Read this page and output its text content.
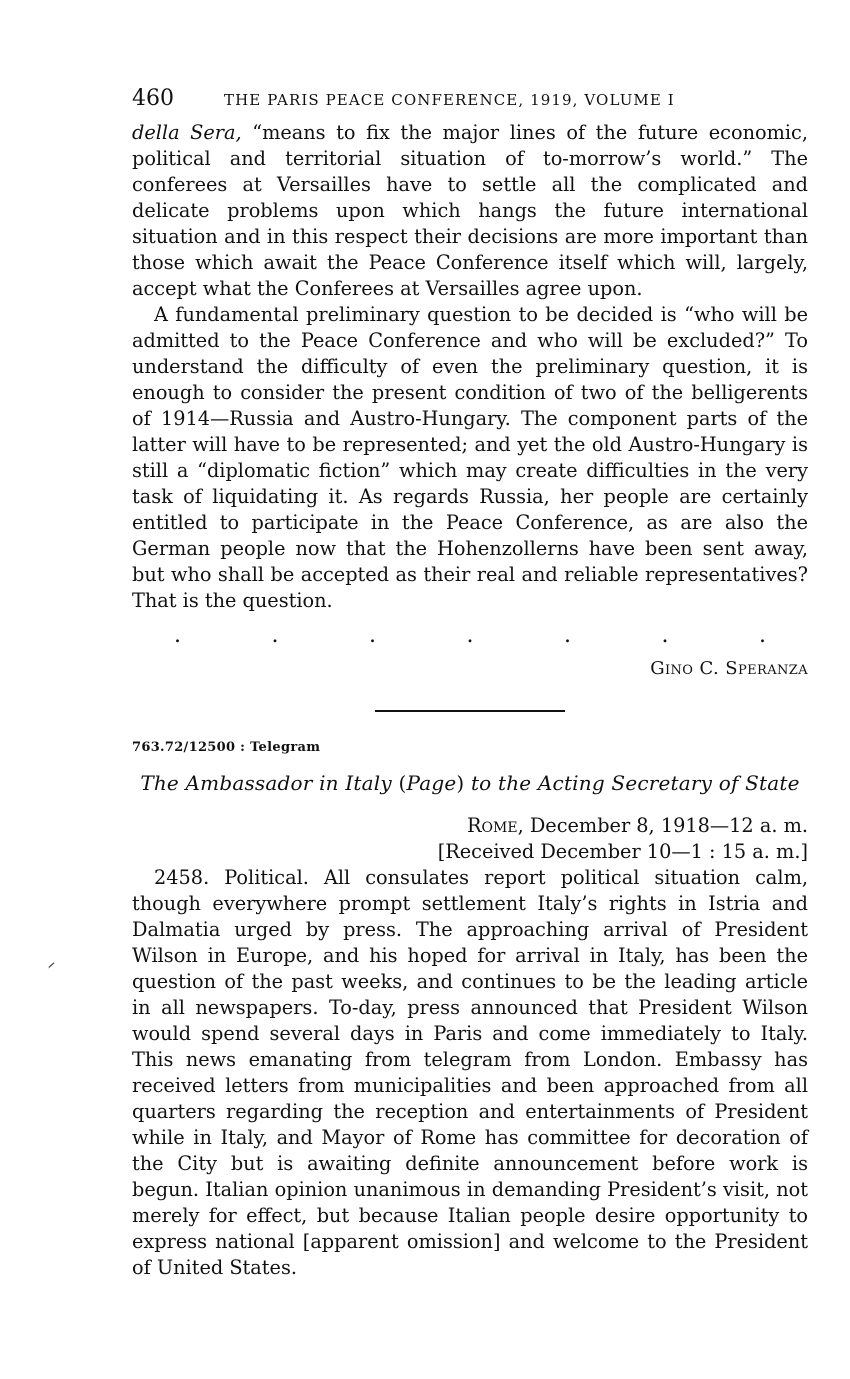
460	THE PARIS PEACE CONFERENCE, 1919, VOLUME I

della Sera, “means to fix the major lines of the future economic, political and territorial situation of to-morrow’s world.” The conferees at Versailles have to settle all the complicated and delicate problems upon which hangs the future international situation and in this respect their decisions are more important than those which await the Peace Conference itself which will, largely, accept what the Conferees at Versailles agree upon.

A fundamental preliminary question to be decided is “who will be admitted to the Peace Conference and who will be excluded?” To understand the difficulty of even the preliminary question, it is enough to consider the present condition of two of the belligerents of 1914—Russia and Austro-Hungary. The component parts of the latter will have to be represented; and yet the old Austro-Hungary is still a “diplomatic fiction” which may create difficulties in the very task of liquidating it. As regards Russia, her people are certainly entitled to participate in the Peace Conference, as are also the German people now that the Hohenzollerns have been sent away, but who shall be accepted as their real and reliable representatives? That is the question.

.	.	.	.	.	.	.
Gino C. Speranza
763.72/12500 : Telegram
The Ambassador in Italy (Page) to the Acting Secretary of State
Rome, December 8, 1918—12 a. m.
[Received December 10—1 : 15 a. m.]

2458. Political. All consulates report political situation calm, though everywhere prompt settlement Italy’s rights in Istria and Dalmatia urged by press. The approaching arrival of President Wilson in Europe, and his hoped for arrival in Italy, has been the question of the past weeks, and continues to be the leading article in all newspapers. To-day, press announced that President Wilson would spend several days in Paris and come immediately to Italy. This news emanating from telegram from London. Embassy has received letters from municipalities and been approached from all quarters regarding the reception and entertainments of President while in Italy, and Mayor of Rome has committee for decoration of the City but is awaiting definite announcement before work is begun. Italian opinion unanimous in demanding President’s visit, not merely for effect, but because Italian people desire opportunity to express national [apparent omission] and welcome to the President of United States.
